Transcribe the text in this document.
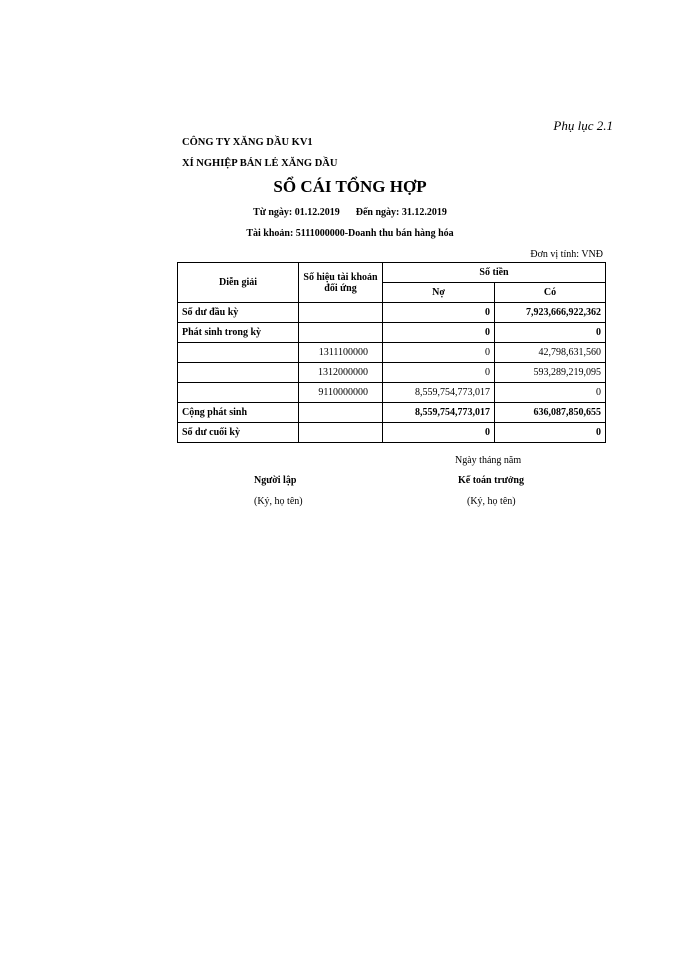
Phụ lục 2.1
CÔNG TY XĂNG DẦU KV1
XÍ NGHIỆP BÁN LẺ XĂNG DẦU
SỔ CÁI TỔNG HỢP
Từ ngày: 01.12.2019 Đến ngày: 31.12.2019
Tài khoản: 5111000000-Doanh thu bán hàng hóa
Đơn vị tính: VNĐ
Diễn giải	Số hiệu tài khoản đối ứng	Số tiền	
		Nợ	Có
Số dư đầu kỳ		0	7,923,666,922,362
Phát sinh trong kỳ		0	0
	1311100000	0	42,798,631,560
	1312000000	0	593,289,219,095
	9110000000	8,559,754,773,017	0
Cộng phát sinh		8,559,754,773,017	636,087,850,655
Số dư cuối kỳ		0	0
Ngày tháng năm
Người lập
(Ký, họ tên)
Kế toán trưởng
(Ký, họ tên)
